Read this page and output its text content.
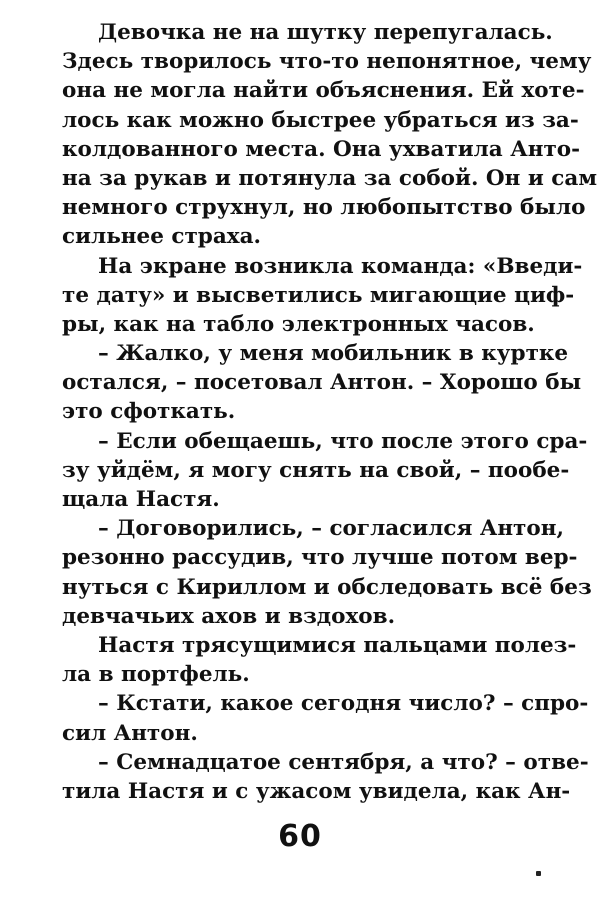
Девочка не на шутку перепугалась.
Здесь творилось что-то непонятное, чему
она не могла найти объяснения. Ей хоте-
лось как можно быстрее убраться из за-
колдованного места. Она ухватила Анто-
на за рукав и потянула за собой. Он и сам
немного струхнул, но любопытство было
сильнее страха.
На экране возникла команда: «Введи-
те дату» и высветились мигающие циф-
ры, как на табло электронных часов.
– Жалко, у меня мобильник в куртке
остался, – посетовал Антон. – Хорошо бы
это сфоткать.
– Если обещаешь, что после этого сра-
зу уйдём, я могу снять на свой, – пообе-
щала Настя.
– Договорились, – согласился Антон,
резонно рассудив, что лучше потом вер-
нуться с Кириллом и обследовать всё без
девчачьих ахов и вздохов.
Настя трясущимися пальцами полез-
ла в портфель.
– Кстати, какое сегодня число? – спро-
сил Антон.
– Семнадцатое сентября, а что? – отве-
тила Настя и с ужасом увидела, как Ан-
60
